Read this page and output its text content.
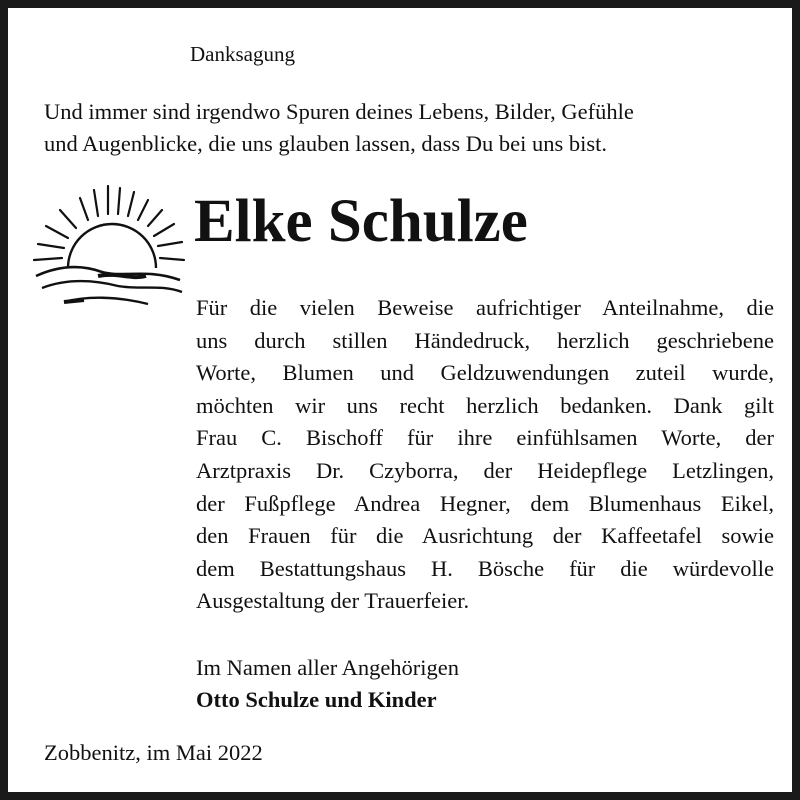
Danksagung

Und immer sind irgendwo Spuren deines Lebens, Bilder, Gefühle
und Augenblicke, die uns glauben lassen, dass Du bei uns bist.

Elke Schulze

Für die vielen Beweise aufrichtiger Anteilnahme, die
uns durch stillen Händedruck, herzlich geschriebene
Worte, Blumen und Geldzuwendungen zuteil wurde,
möchten wir uns recht herzlich bedanken. Dank gilt
Frau C. Bischoff für ihre einfühlsamen Worte, der
Arztpraxis Dr. Czyborra, der Heidepflege Letzlingen,
der Fußpflege Andrea Hegner, dem Blumenhaus Eikel,
den Frauen für die Ausrichtung der Kaffeetafel sowie
dem Bestattungshaus H. Bösche für die würdevolle
Ausgestaltung der Trauerfeier.

Im Namen aller Angehörigen
Otto Schulze und Kinder

Zobbenitz, im Mai 2022
